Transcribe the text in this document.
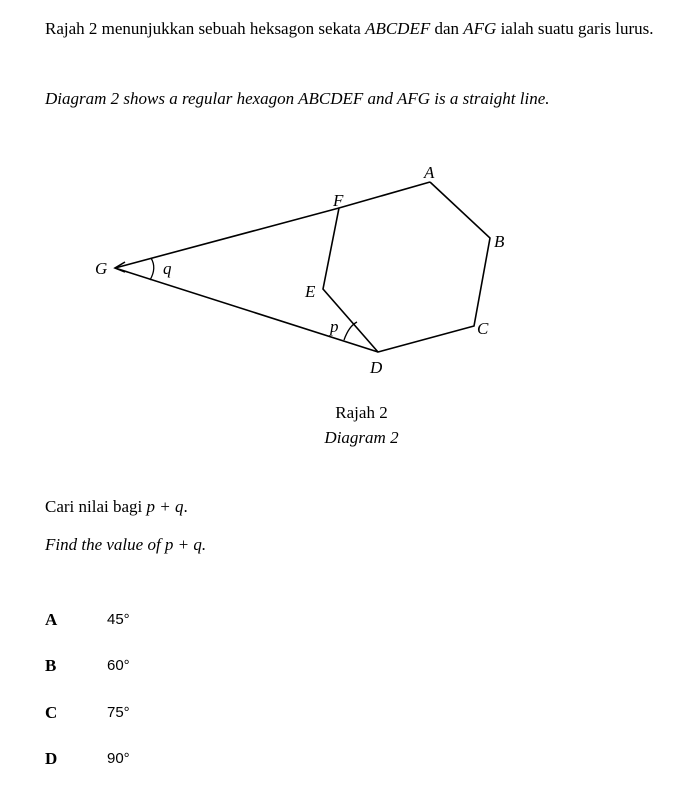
Rajah 2 menunjukkan sebuah heksagon sekata ABCDEF dan AFG ialah suatu garis lurus.
Diagram 2 shows a regular hexagon ABCDEF and AFG is a straight line.
A
B
C
D
E
F
G
p
q
Rajah 2
Diagram 2
Cari nilai bagi p + q.
Find the value of p + q.
A	45°
B	60°
C	75°
D	90°
